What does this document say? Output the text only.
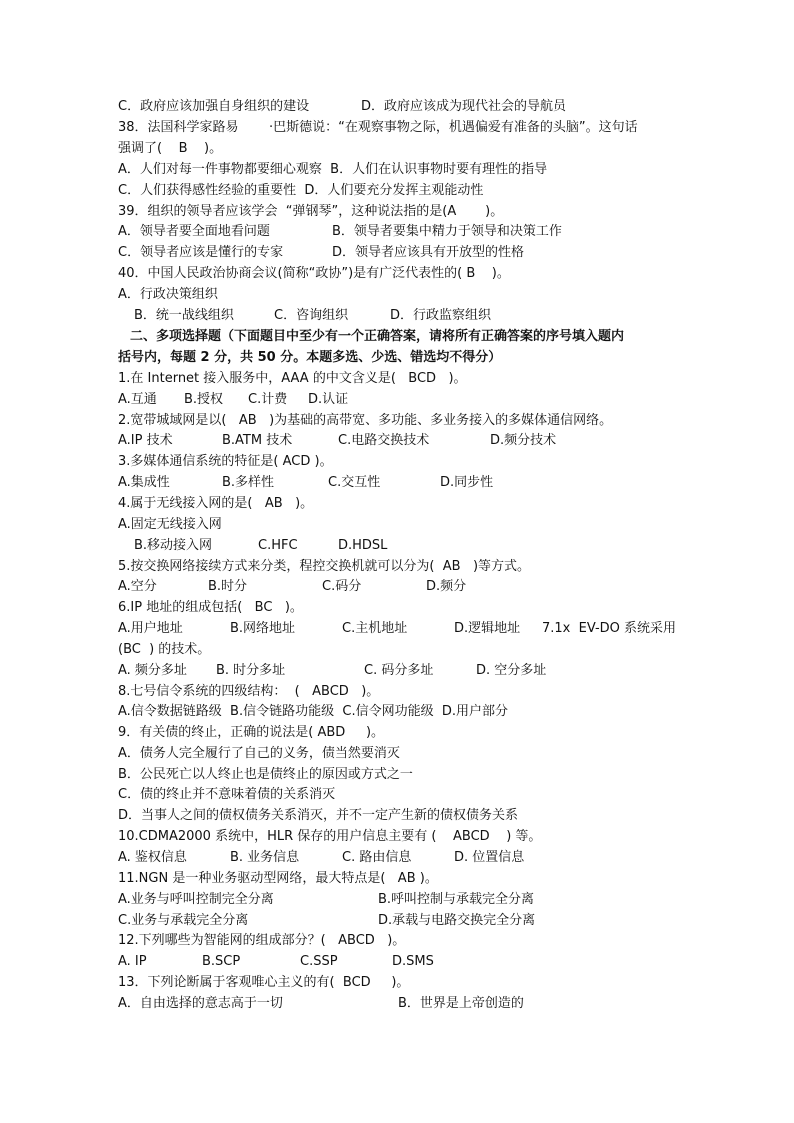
C．政府应该加强自身组织的建设	D．政府应该成为现代社会的导航员
38．法国科学家路易 ·巴斯德说：“在观察事物之际，机遇偏爱有准备的头脑”。这句话
强调了(    B    )。
A．人们对每一件事物都要细心观察  B．人们在认识事物时要有理性的指导
C．人们获得感性经验的重要性  D．人们要充分发挥主观能动性
39．组织的领导者应该学会  “弹钢琴”，这种说法指的是(A       )。
A．领导者要全面地看问题	B．领导者要集中精力于领导和决策工作
C．领导者应该是懂行的专家	D．领导者应该具有开放型的性格
40．中国人民政治协商会议(简称“政协”)是有广泛代表性的( B    )。
A．行政决策组织
B．统一战线组织	C．咨询组织	D．行政监察组织
二、多项选择题（下面题目中至少有一个正确答案，请将所有正确答案的序号填入题内
括号内，每题 2 分，共 50 分。本题多选、少选、错选均不得分）
1.在 Internet 接入服务中，AAA 的中文含义是(   BCD   )。
A.互通 B.授权 C.计费 D.认证
2.宽带城域网是以(   AB   )为基础的高带宽、多功能、多业务接入的多媒体通信网络。
A.IP 技术	B.ATM 技术	C.电路交换技术	D.频分技术
3.多媒体通信系统的特征是( ACD )。
A.集成性	B.多样性	C.交互性	D.同步性
4.属于无线接入网的是(   AB   )。
A.固定无线接入网
B.移动接入网	C.HFC	D.HDSL
5.按交换网络接续方式来分类，程控交换机就可以分为(  AB   )等方式。
A.空分	B.时分	C.码分	D.频分
6.IP 地址的组成包括(   BC   )。
A.用户地址	B.网络地址	C.主机地址	D.逻辑地址 7.1x  EV-DO 系统采用
(BC  ) 的技术。
A. 频分多址 B. 时分多址	C. 码分多址	D. 空分多址
8.七号信令系统的四级结构：  (   ABCD   )。
A.信令数据链路级  B.信令链路功能级  C.信令网功能级  D.用户部分
9．有关债的终止，正确的说法是( ABD     )。
A．债务人完全履行了自己的义务，债当然要消灭
B．公民死亡以人终止也是债终止的原因或方式之一
C．债的终止并不意味着债的关系消灭
D．当事人之间的债权债务关系消灭，并不一定产生新的债权债务关系
10.CDMA2000 系统中，HLR 保存的用户信息主要有 (    ABCD    ) 等。
A. 鉴权信息	B. 业务信息	C. 路由信息	D. 位置信息
11.NGN 是一种业务驱动型网络，最大特点是(   AB )。
A.业务与呼叫控制完全分离	B.呼叫控制与承载完全分离
C.业务与承载完全分离	D.承载与电路交换完全分离
12.下列哪些为智能网的组成部分？(   ABCD   )。
A. IP	B.SCP	C.SSP	D.SMS
13．下列论断属于客观唯心主义的有(  BCD     )。
A．自由选择的意志高于一切	B．世界是上帝创造的
